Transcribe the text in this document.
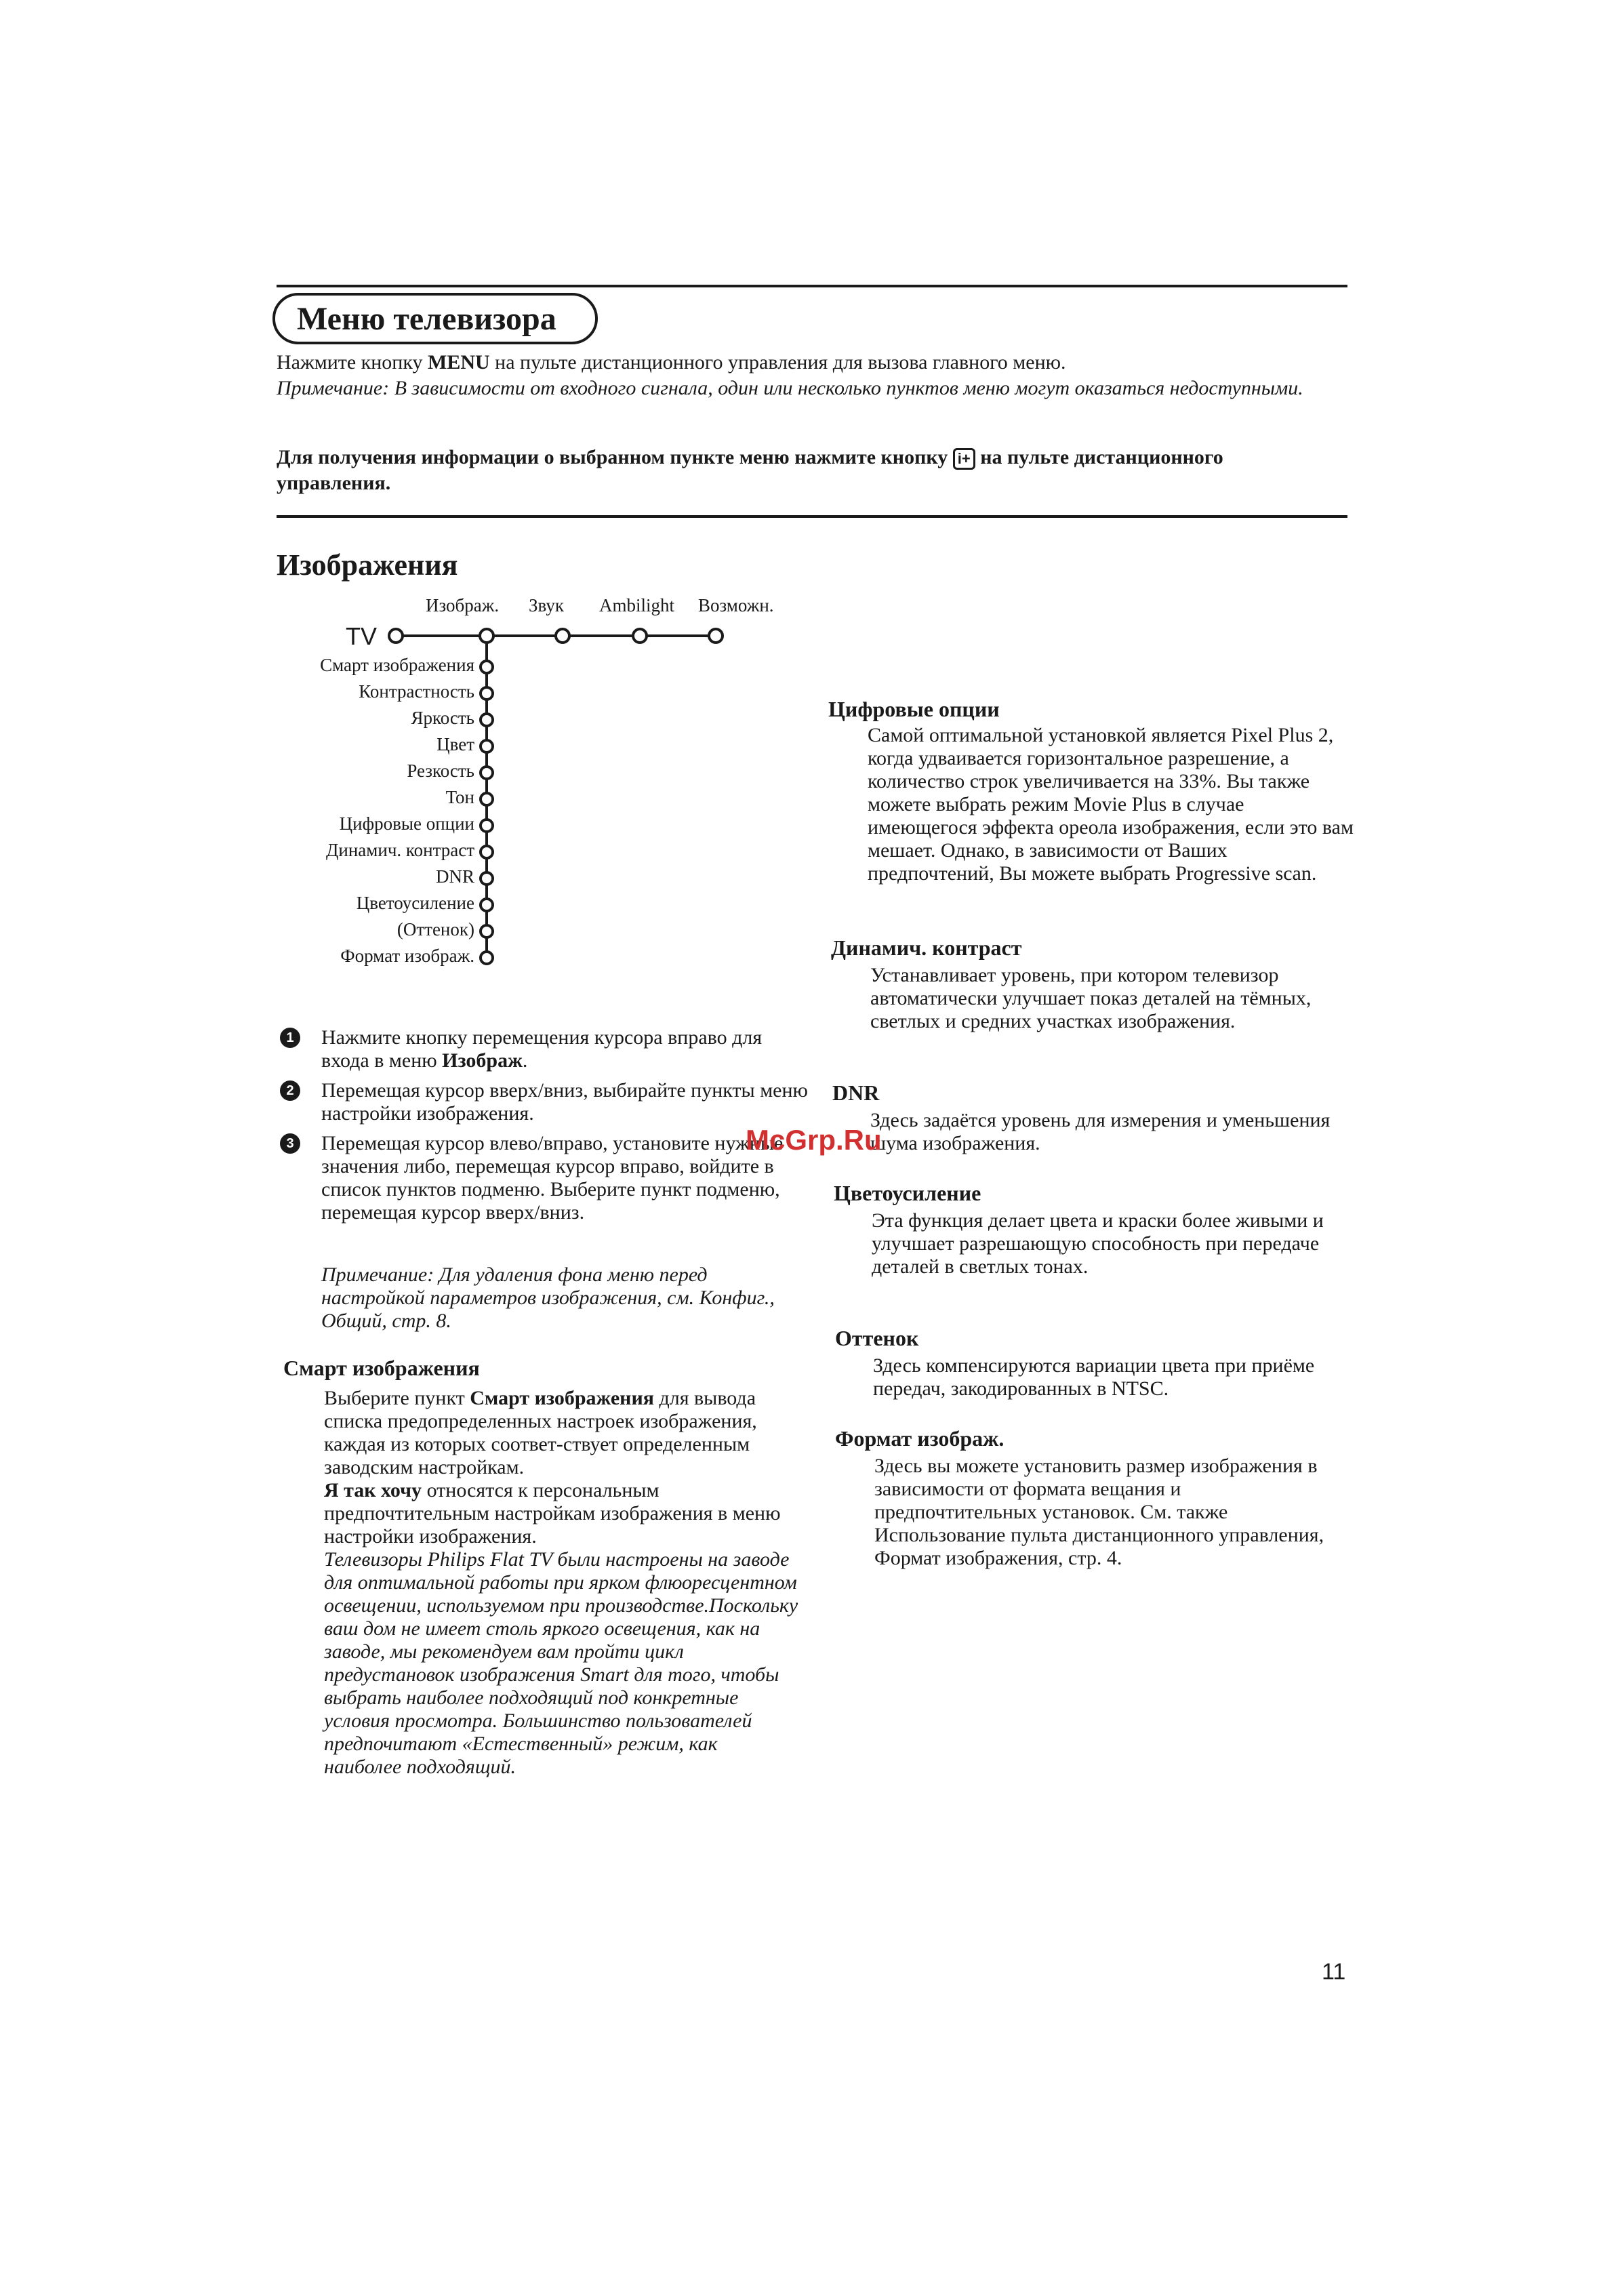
Меню телевизора
Нажмите кнопку MENU на пульте дистанционного управления для вызова главного меню.
Примечание: В зависимости от входного сигнала, один или несколько пунктов меню могут оказаться недоступными.
Для получения информации о выбранном пункте меню нажмите кнопку i+ на пульте дистанционного управления.
Изображения
TV
Изображ. Звук Ambilight Возможн.
Смарт изображения
Контрастность
Яркость
Цвет
Резкость
Тон
Цифровые опции
Динамич. контраст
DNR
Цветоусиление
(Оттенок)
Формат изображ.
1	Нажмите кнопку перемещения курсора вправо для входа в меню Изображ.
2	Перемещая курсор вверх/вниз, выбирайте пункты меню настройки изображения.
3	Перемещая курсор влево/вправо, установите нужные значения либо, перемещая курсор вправо, войдите в список пунктов подменю. Выберите пункт подменю, перемещая курсор вверх/вниз.
Примечание: Для удаления фона меню перед настройкой параметров изображения, см. Конфиг., Общий, стр. 8.
Смарт изображения
Выберите пункт Смарт изображения для вывода списка предопределенных настроек изображения, каждая из которых соответ-ствует определенным заводским настройкам.
Я так хочу относятся к персональным предпочтительным настройкам изображения в меню настройки изображения.
Телевизоры Philips Flat TV были настроены на заводе для оптимальной работы при ярком флюоресцентном освещении, используемом при производстве.Поскольку ваш дом не имеет столь яркого освещения, как на заводе, мы рекомендуем вам пройти цикл предустановок изображения Smart для того, чтобы выбрать наиболее подходящий под конкретные условия просмотра. Большинство пользователей предпочитают «Естественный» режим, как наиболее подходящий.
Цифровые опции
Самой оптимальной установкой является Pixel Plus 2, когда удваивается горизонтальное разрешение, а количество строк увеличивается на 33%. Вы также можете выбрать режим Movie Plus в случае имеющегося эффекта ореола изображения, если это вам мешает. Однако, в зависимости от Ваших предпочтений, Вы можете выбрать Progressive scan.
Динамич. контраст
Устанавливает уровень, при котором телевизор автоматически улучшает показ деталей на тёмных, светлых и средних участках изображения.
DNR
Здесь задаётся уровень для измерения и уменьшения шума изображения.
Цветоусиление
Эта функция делает цвета и краски более живыми и улучшает разрешающую способность при передаче деталей в светлых тонах.
Оттенок
Здесь компенсируются вариации цвета при приёме передач, закодированных в NTSC.
Формат изображ.
Здесь вы можете установить размер изображения в зависимости от формата вещания и предпочтительных установок. См. также Использование пульта дистанционного управления, Формат изображения, стр. 4.
McGrp.Ru
11
